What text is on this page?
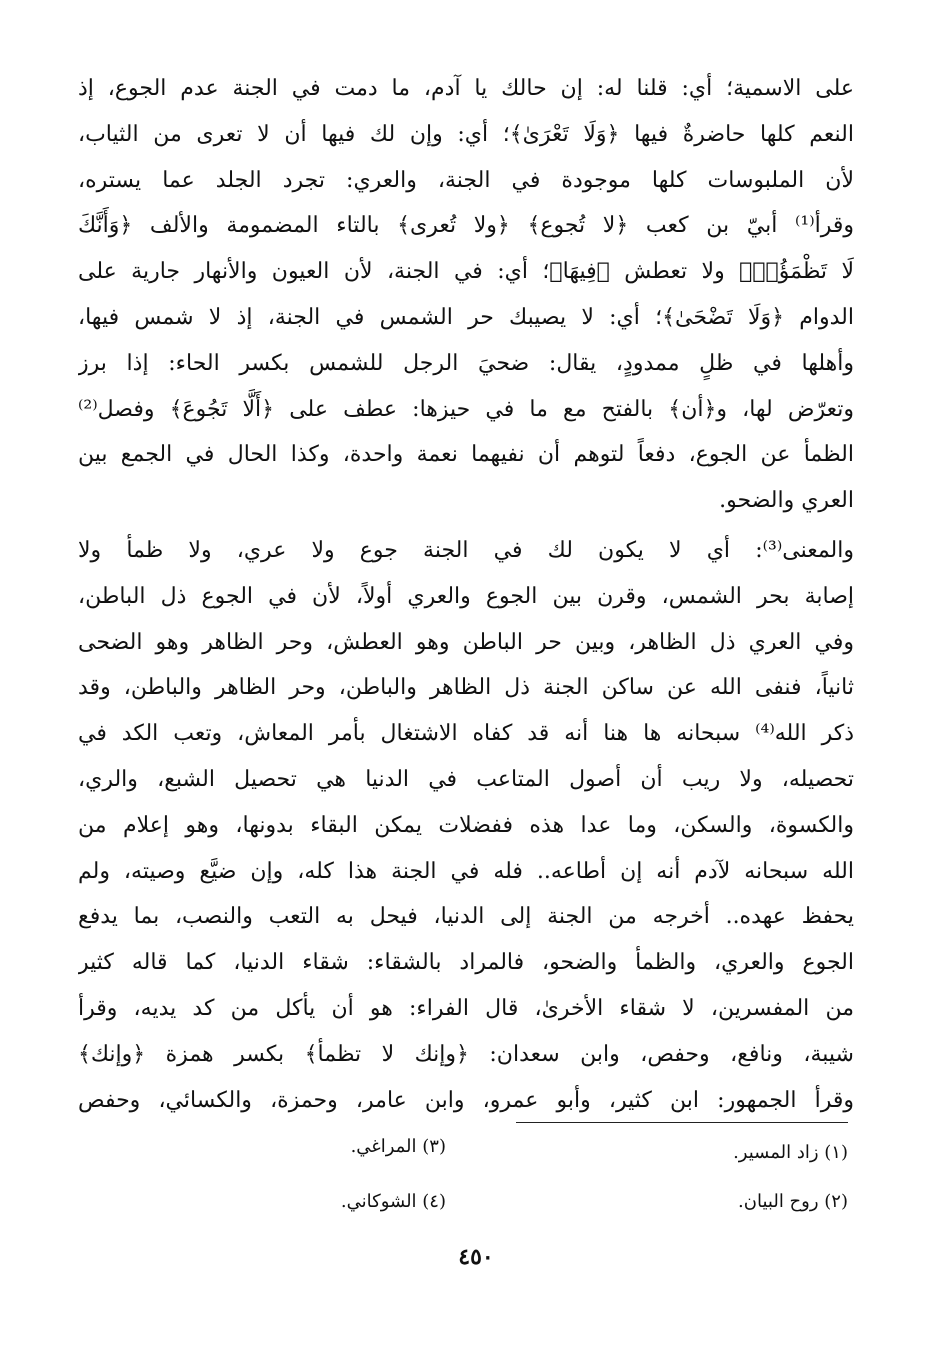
على الاسمية؛ أي: قلنا له: إن حالك يا آدم، ما دمت في الجنة عدم الجوع، إذ
النعم كلها حاضرةٌ فيها ﴿وَلَا تَعْرَىٰ﴾؛ أي: وإن لك فيها أن لا تعرى من الثياب،
لأن الملبوسات كلها موجودة في الجنة، والعري: تجرد الجلد عما يستره،
وقرأ⁽¹⁾ أبيّ بن كعب ﴿لا تُجوع﴾ ﴿ولا تُعرى﴾ بالتاء المضمومة والألف ﴿وَأَنَّكَ
لَا تَظْمَؤُا۟﴾ ولا تعطش ﴿فِيهَا﴾؛ أي: في الجنة، لأن العيون والأنهار جارية على
الدوام ﴿وَلَا تَضْحَىٰ﴾؛ أي: لا يصيبك حر الشمس في الجنة، إذ لا شمس فيها،
وأهلها في ظلٍ ممدودٍ، يقال: ضحيَ الرجل للشمس بكسر الحاء: إذا برز
وتعرّض لها، و﴿أن﴾ بالفتح مع ما في حيزها: عطف على ﴿أَلَّا تَجُوعَ﴾ وفصل⁽²⁾
الظمأ عن الجوع، دفعاً لتوهم أن نفيهما نعمة واحدة، وكذا الحال في الجمع بين
العري والضحو.
والمعنى⁽³⁾: أي لا يكون لك في الجنة جوع ولا عري، ولا ظمأ ولا
إصابة بحر الشمس، وقرن بين الجوع والعري أولاً، لأن في الجوع ذل الباطن،
وفي العري ذل الظاهر، وبين حر الباطن وهو العطش، وحر الظاهر وهو الضحى
ثانياً، فنفى الله عن ساكن الجنة ذل الظاهر والباطن، وحر الظاهر والباطن، وقد
ذكر الله⁽⁴⁾ سبحانه ها هنا أنه قد كفاه الاشتغال بأمر المعاش، وتعب الكد في
تحصيله، ولا ريب أن أصول المتاعب في الدنيا هي تحصيل الشبع، والري،
والكسوة، والسكن، وما عدا هذه ففضلات يمكن البقاء بدونها، وهو إعلام من
الله سبحانه لآدم أنه إن أطاعه.. فله في الجنة هذا كله، وإن ضيَّع وصيته، ولم
يحفظ عهده.. أخرجه من الجنة إلى الدنيا، فيحل به التعب والنصب، بما يدفع
الجوع والعري، والظمأ والضحو، فالمراد بالشقاء: شقاء الدنيا، كما قاله كثير
من المفسرين، لا شقاء الأخرىٰ، قال الفراء: هو أن يأكل من كد يديه، وقرأ
شيبة، ونافع، وحفص، وابن سعدان: ﴿وإنك لا تظمأ﴾ بكسر همزة ﴿وإنك﴾
وقرأ الجمهور: ابن كثير، وأبو عمرو، وابن عامر، وحمزة، والكسائي، وحفص
(١) زاد المسير.
(٢) روح البيان.
(٣) المراغي.
(٤) الشوكاني.
٤٥٠
